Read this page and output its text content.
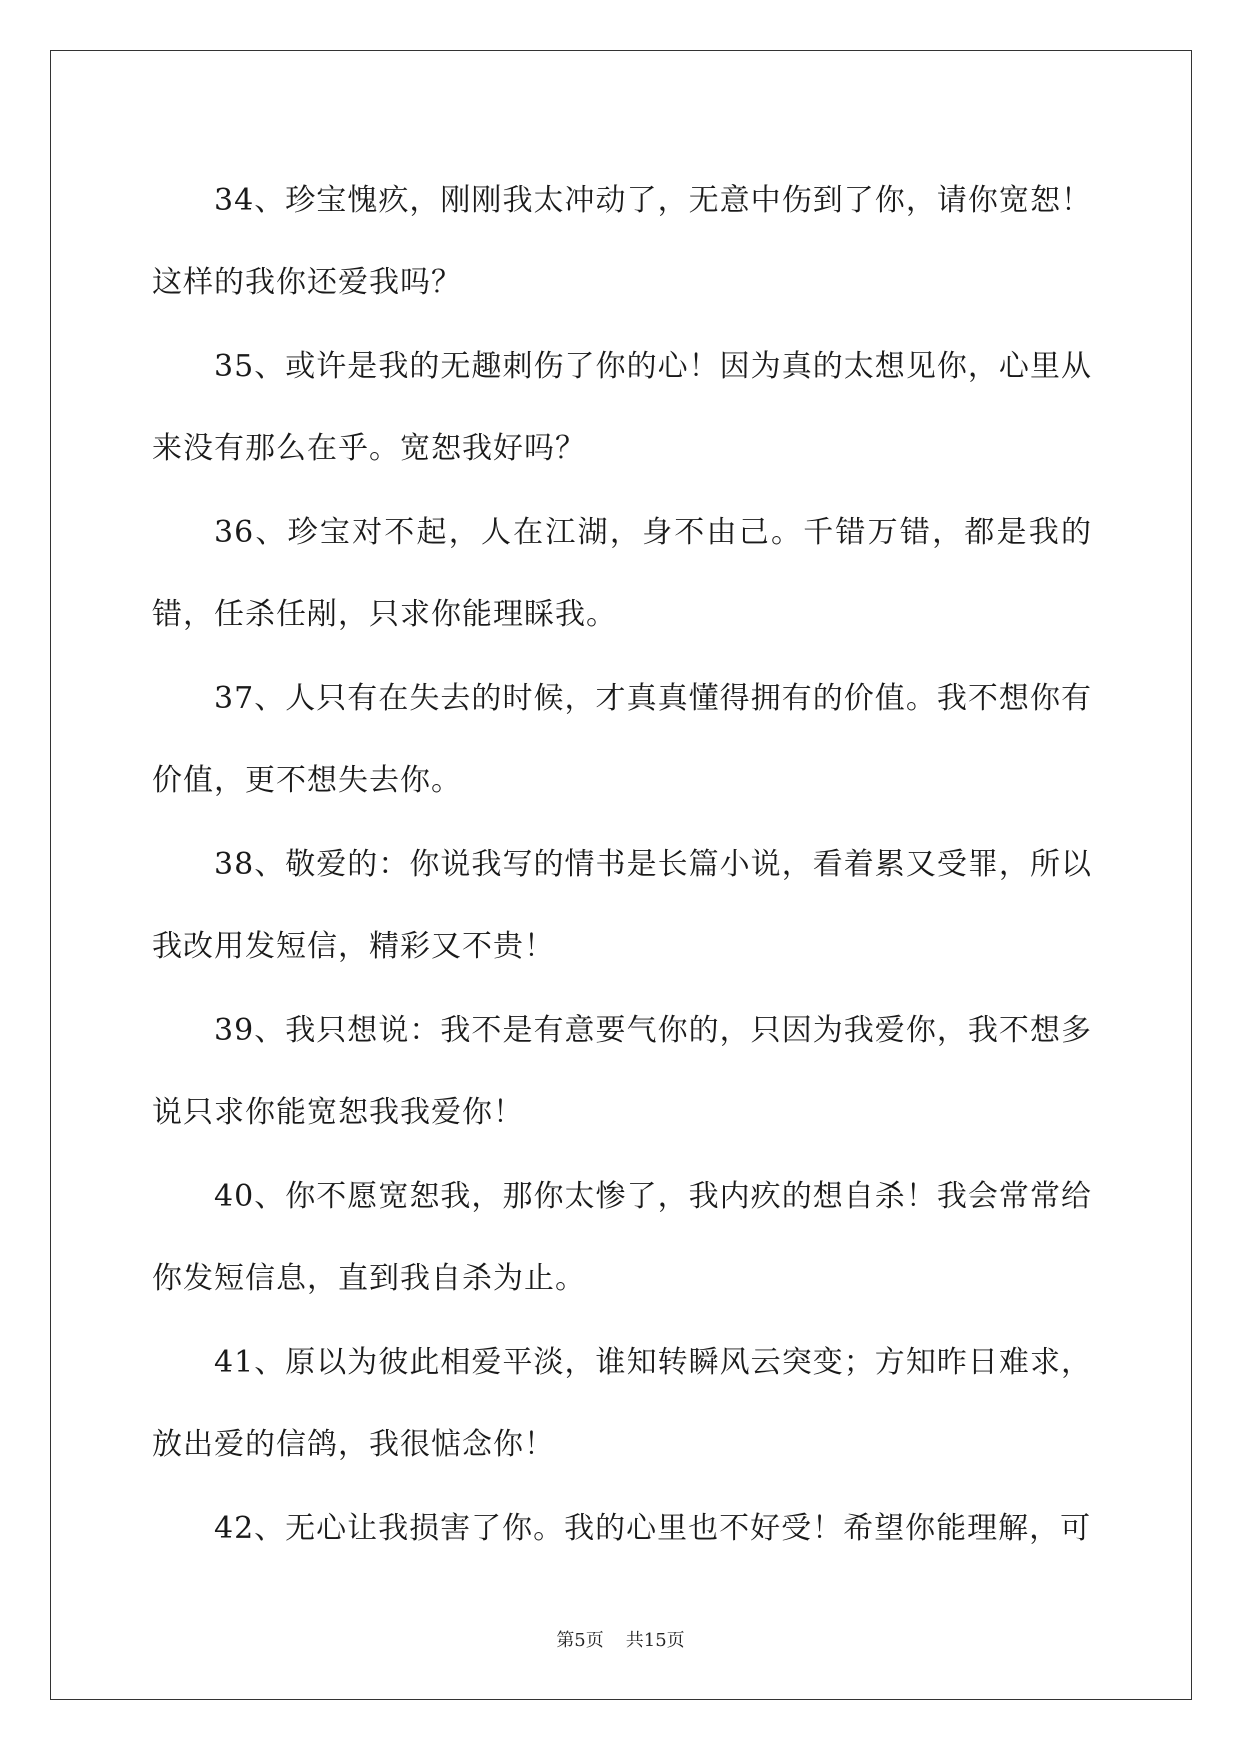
34、珍宝愧疚，刚刚我太冲动了，无意中伤到了你，请你宽恕！这样的我你还爱我吗？

35、或许是我的无趣刺伤了你的心！因为真的太想见你，心里从来没有那么在乎。宽恕我好吗？

36、珍宝对不起，人在江湖，身不由己。千错万错，都是我的错，任杀任剐，只求你能理睬我。

37、人只有在失去的时候，才真真懂得拥有的价值。我不想你有价值，更不想失去你。

38、敬爱的：你说我写的情书是长篇小说，看着累又受罪，所以我改用发短信，精彩又不贵！

39、我只想说：我不是有意要气你的，只因为我爱你，我不想多说只求你能宽恕我我爱你！

40、你不愿宽恕我，那你太惨了，我内疚的想自杀！我会常常给你发短信息，直到我自杀为止。

41、原以为彼此相爱平淡，谁知转瞬风云突变；方知昨日难求，放出爱的信鸽，我很惦念你！

42、无心让我损害了你。我的心里也不好受！希望你能理解，可

第5页 共15页
